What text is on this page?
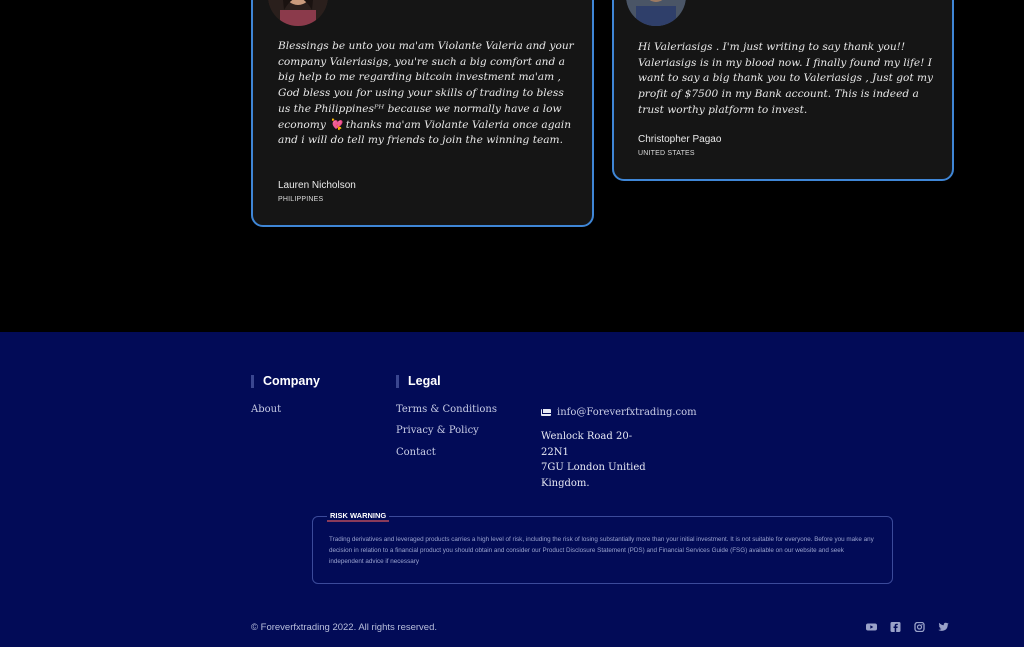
Blessings be unto you ma'am Violante Valeria and your company Valeriasigs, you're such a big comfort and a big help to me regarding bitcoin investment ma'am , God bless you for using your skills of trading to bless us the Philippinesᴾᴴ because we normally have a low economy 💘 thanks ma'am Violante Valeria once again and i will do tell my friends to join the winning team.

Lauren Nicholson
PHILIPPINES

Hi Valeriasigs . I'm just writing to say thank you!! Valeriasigs is in my blood now. I finally found my life! I want to say a big thank you to Valeriasigs , Just got my profit of $7500 in my Bank account. This is indeed a trust worthy platform to invest.

Christopher Pagao
UNITED STATES
Company
About
Legal
Terms & Conditions
Privacy & Policy
Contact
info@Foreverfxtrading.com
Wenlock Road 20-22N1
7GU London Unitied
Kingdom.
RISK WARNING

Trading derivatives and leveraged products carries a high level of risk, including the risk of losing substantially more than your initial investment. It is not suitable for everyone. Before you make any decision in relation to a financial product you should obtain and consider our Product Disclosure Statement (PDS) and Financial Services Guide (FSG) available on our website and seek independent advice if necessary

© Foreverfxtrading 2022. All rights reserved.
